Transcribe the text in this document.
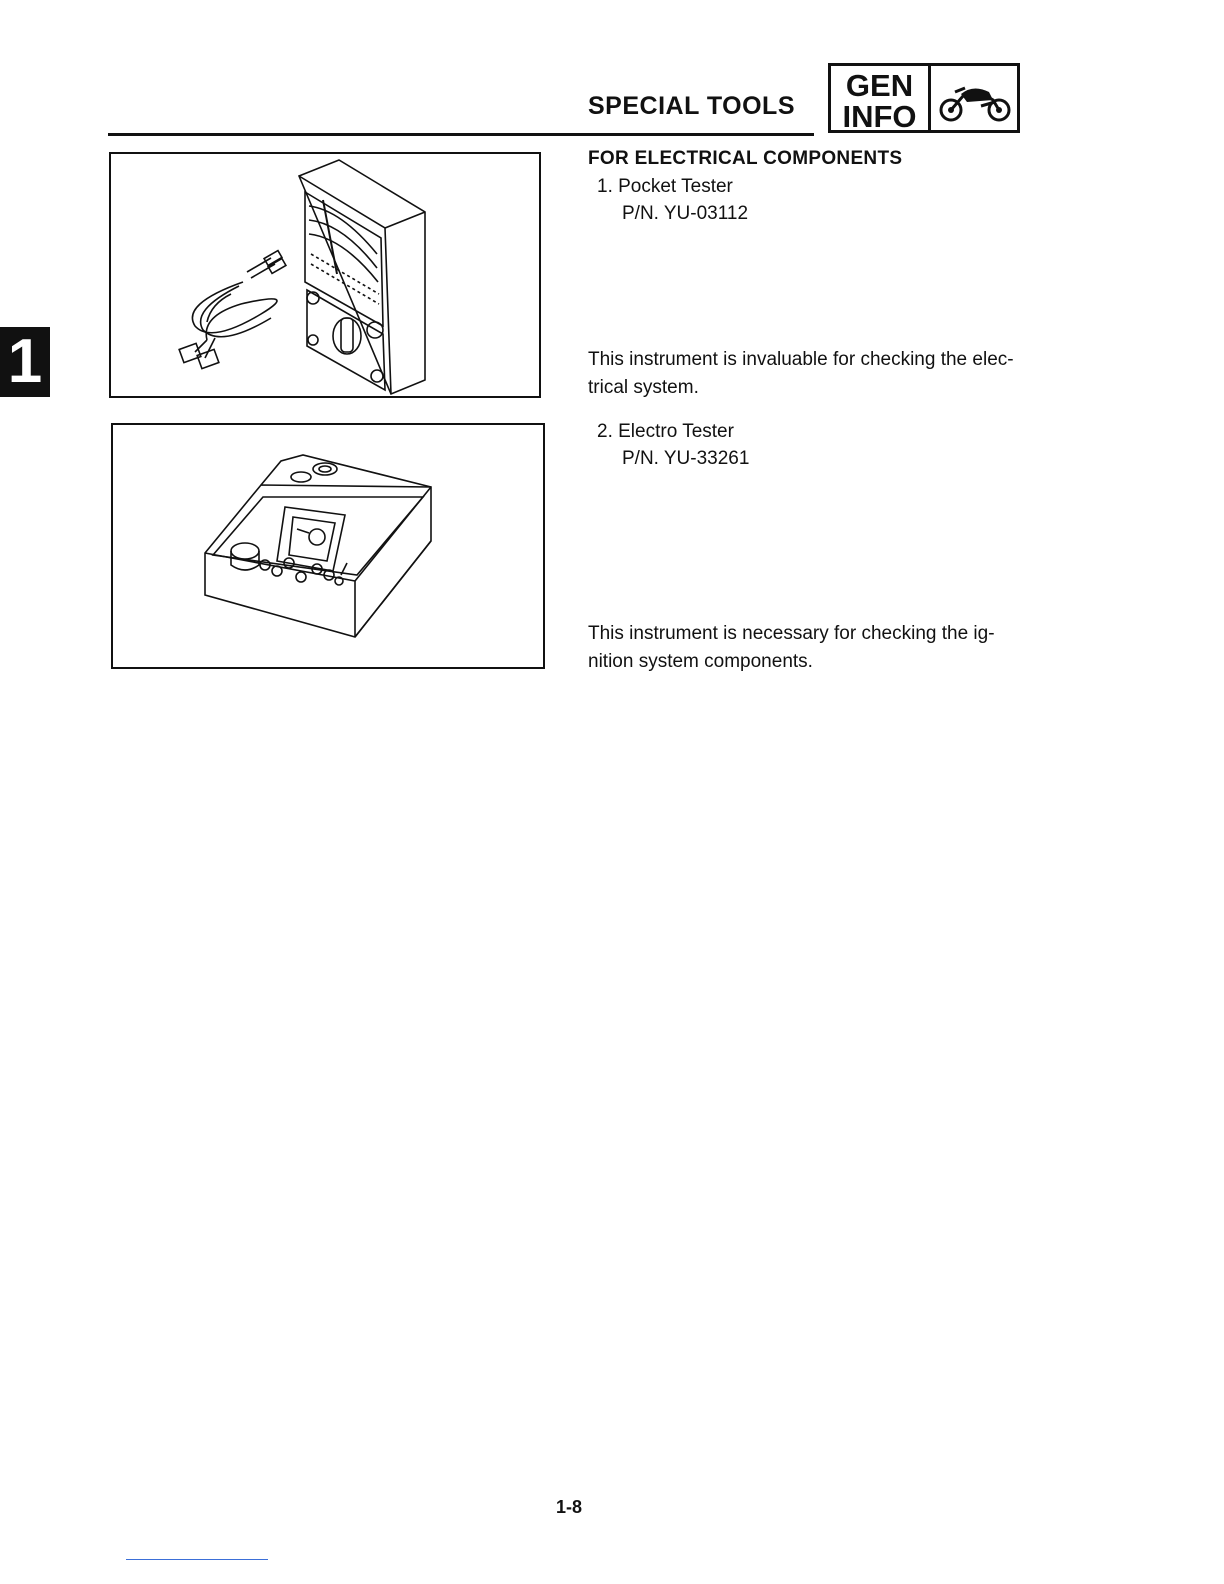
SPECIAL TOOLS
GEN
INFO
1
FOR ELECTRICAL COMPONENTS
1. Pocket Tester
P/N. YU-03112
This instrument is invaluable for checking the elec-
trical system.
2. Electro Tester
P/N. YU-33261
This instrument is necessary for checking the ig-
nition system components.
1-8
